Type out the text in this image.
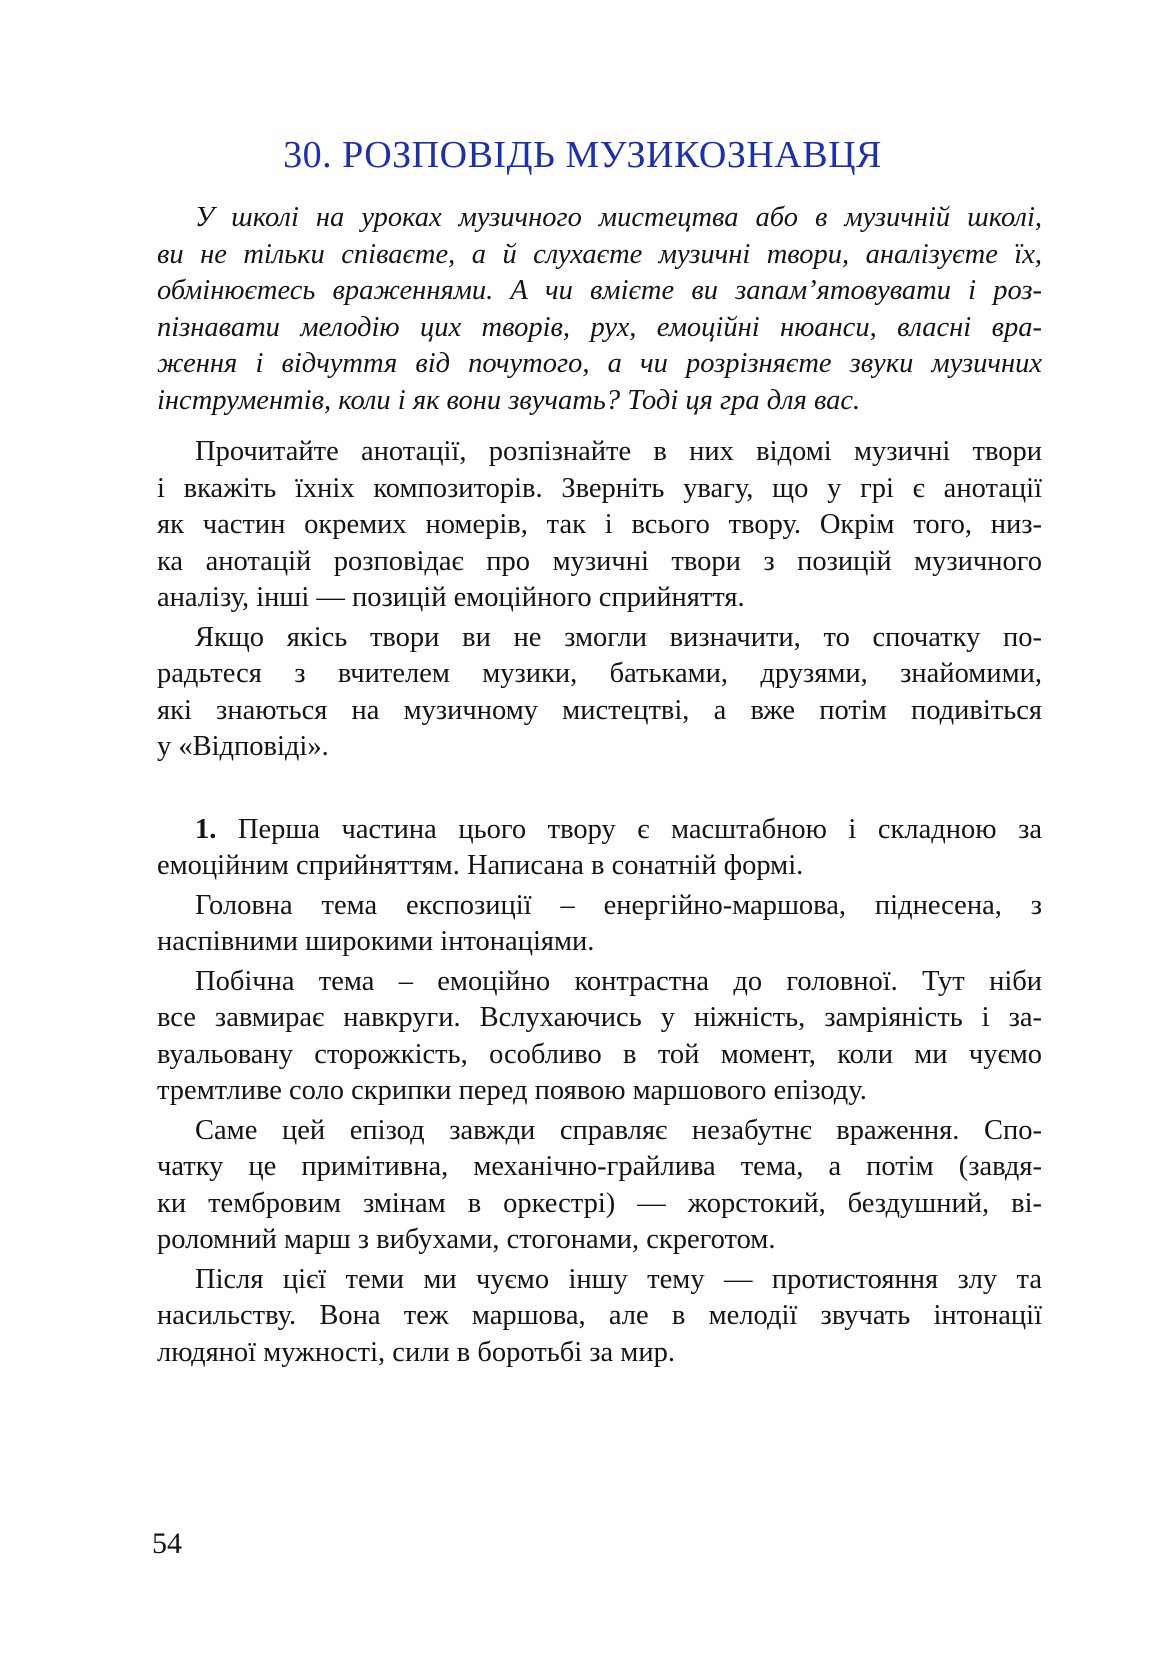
30. РОЗПОВІДЬ МУЗИКОЗНАВЦЯ
У школі на уроках музичного мистецтва або в музичній школі,
ви не тільки співаєте, а й слухаєте музичні твори, аналізуєте їх,
обмінюєтесь враженнями. А чи вмієте ви запам’ятовувати і роз-
пізнавати мелодію цих творів, рух, емоційні нюанси, власні вра-
ження і відчуття від почутого, а чи розрізняєте звуки музичних
інструментів, коли і як вони звучать? Тоді ця гра для вас.
Прочитайте анотації, розпізнайте в них відомі музичні твори
і вкажіть їхніх композиторів. Зверніть увагу, що у грі є анотації
як частин окремих номерів, так і всього твору. Окрім того, низ-
ка анотацій розповідає про музичні твори з позицій музичного
аналізу, інші — позицій емоційного сприйняття.
Якщо якісь твори ви не змогли визначити, то спочатку по-
радьтеся з вчителем музики, батьками, друзями, знайомими,
які знаються на музичному мистецтві, а вже потім подивіться
у «Відповіді».
1. Перша частина цього твору є масштабною і складною за
емоційним сприйняттям. Написана в сонатній формі.
Головна тема експозиції – енергійно-маршова, піднесена, з
наспівними широкими інтонаціями.
Побічна тема – емоційно контрастна до головної. Тут ніби
все завмирає навкруги. Вслухаючись у ніжність, замріяність і за-
вуальовану сторожкість, особливо в той момент, коли ми чуємо
тремтливе соло скрипки перед появою маршового епізоду.
Саме цей епізод завжди справляє незабутнє враження. Спо-
чатку це примітивна, механічно-грайлива тема, а потім (завдя-
ки тембровим змінам в оркестрі) — жорстокий, бездушний, ві-
роломний марш з вибухами, стогонами, скреготом.
Після цієї теми ми чуємо іншу тему — протистояння злу та
насильству. Вона теж маршова, але в мелодії звучать інтонації
людяної мужності, сили в боротьбі за мир.

54
